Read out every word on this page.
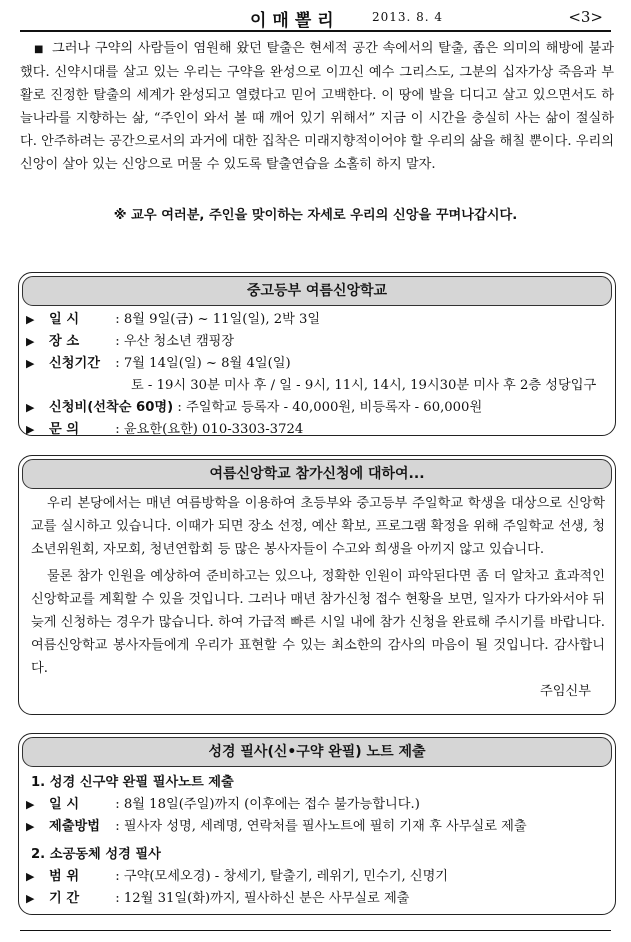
이매뽈리	2013. 8. 4	<3>
■ 그러나 구약의 사람들이 염원해 왔던 탈출은 현세적 공간 속에서의 탈출, 좁은 의미의 해방에 불과했다. 신약시대를 살고 있는 우리는 구약을 완성으로 이끄신 예수 그리스도, 그분의 십자가상 죽음과 부활로 진정한 탈출의 세계가 완성되고 열렸다고 믿어 고백한다. 이 땅에 발을 디디고 살고 있으면서도 하늘나라를 지향하는 삶, “주인이 와서 볼 때 깨어 있기 위해서” 지금 이 시간을 충실히 사는 삶이 절실하다. 안주하려는 공간으로서의 과거에 대한 집착은 미래지향적이어야 할 우리의 삶을 해칠 뿐이다. 우리의 신앙이 살아 있는 신앙으로 머물 수 있도록 탈출연습을 소홀히 하지 말자.
※ 교우 여러분, 주인을 맞이하는 자세로 우리의 신앙을 꾸며나갑시다.
중고등부 여름신앙학교
▶ 일 시	: 8월 9일(금) ~ 11일(일), 2박 3일
▶ 장 소	: 우산 청소년 캠핑장
▶ 신청기간 : 7월 14일(일) ~ 8월 4일(일)
토 - 19시 30분 미사 후 / 일 - 9시, 11시, 14시, 19시30분 미사 후 2층 성당입구
▶ 신청비(선착순 60명) : 주일학교 등록자 - 40,000원, 비등록자 - 60,000원
▶ 문 의	: 윤요한(요한) 010-3303-3724
여름신앙학교 참가신청에 대하여...
우리 본당에서는 매년 여름방학을 이용하여 초등부와 중고등부 주일학교 학생을 대상으로 신앙학교를 실시하고 있습니다. 이때가 되면 장소 선정, 예산 확보, 프로그램 확정을 위해 주일학교 선생, 청소년위원회, 자모회, 청년연합회 등 많은 봉사자들이 수고와 희생을 아끼지 않고 있습니다.
물론 참가 인원을 예상하여 준비하고는 있으나, 정확한 인원이 파악된다면 좀 더 알차고 효과적인 신앙학교를 계획할 수 있을 것입니다. 그러나 매년 참가신청 접수 현황을 보면, 일자가 다가와서야 뒤늦게 신청하는 경우가 많습니다. 하여 가급적 빠른 시일 내에 참가 신청을 완료해 주시기를 바랍니다. 여름신앙학교 봉사자들에게 우리가 표현할 수 있는 최소한의 감사의 마음이 될 것입니다. 감사합니다.
주임신부
성경 필사(신•구약 완필) 노트 제출
1. 성경 신구약 완필 필사노트 제출
▶ 일 시	: 8월 18일(주일)까지 (이후에는 접수 불가능합니다.)
▶ 제출방법 : 필사자 성명, 세례명, 연락처를 필사노트에 필히 기재 후 사무실로 제출
2. 소공동체 성경 필사
▶ 범 위	: 구약(모세오경) - 창세기, 탈출기, 레위기, 민수기, 신명기
▶ 기 간	: 12월 31일(화)까지, 필사하신 분은 사무실로 제출
